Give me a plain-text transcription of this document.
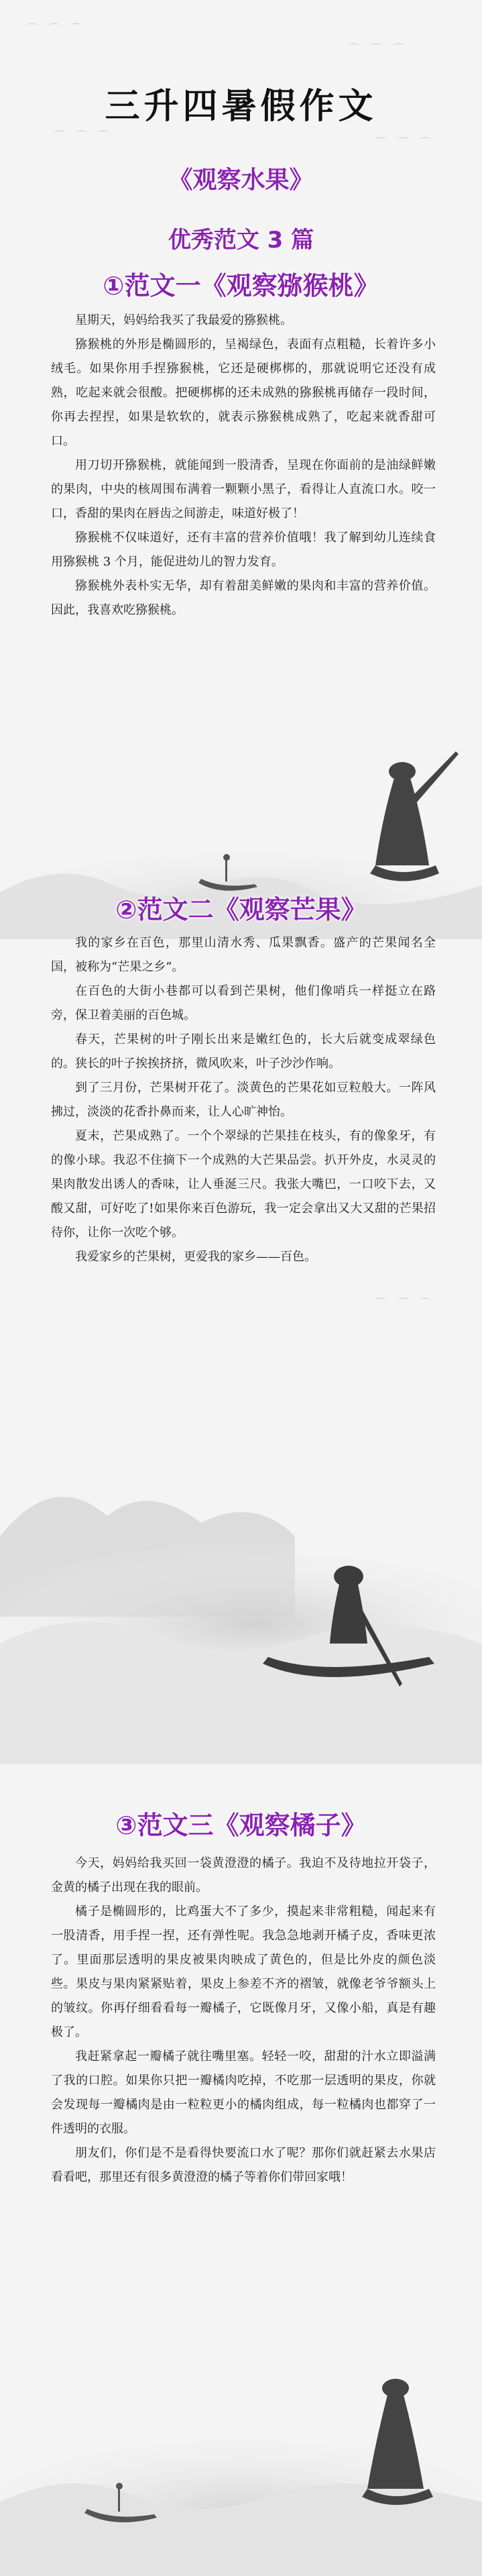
⌒ ⌒ ⌒
⌒ ⌒ ⌒
⌒ ⌒ ⌒
⌒ ⌒ ⌒
⌒ ⌒ ⌒
三升四暑假作文
《观察水果》
优秀范文 3 篇
①范文一《观察猕猴桃》

星期天，妈妈给我买了我最爱的猕猴桃。

猕猴桃的外形是椭圆形的，呈褐绿色，表面有点粗糙，长着许多小绒毛。如果你用手捏猕猴桃，它还是硬梆梆的，那就说明它还没有成熟，吃起来就会很酸。把硬梆梆的还未成熟的猕猴桃再储存一段时间，你再去捏捏，如果是软软的，就表示猕猴桃成熟了，吃起来就香甜可口。

用刀切开猕猴桃，就能闻到一股清香，呈现在你面前的是油绿鲜嫩的果肉，中央的核周围布满着一颗颗小黑子，看得让人直流口水。咬一口，香甜的果肉在唇齿之间游走，味道好极了！

猕猴桃不仅味道好，还有丰富的营养价值哦！我了解到幼儿连续食用猕猴桃 3 个月，能促进幼儿的智力发育。

猕猴桃外表朴实无华，却有着甜美鲜嫩的果肉和丰富的营养价值。因此，我喜欢吃猕猴桃。

②范文二《观察芒果》

我的家乡在百色，那里山清水秀、瓜果飘香。盛产的芒果闻名全国，被称为“芒果之乡”。

在百色的大街小巷都可以看到芒果树，他们像哨兵一样挺立在路旁，保卫着美丽的百色城。

春天，芒果树的叶子刚长出来是嫩红色的，长大后就变成翠绿色的。狭长的叶子挨挨挤挤，微风吹来，叶子沙沙作响。

到了三月份，芒果树开花了。淡黄色的芒果花如豆粒般大。一阵风拂过，淡淡的花香扑鼻而来，让人心旷神怡。

夏末，芒果成熟了。一个个翠绿的芒果挂在枝头，有的像象牙，有的像小球。我忍不住摘下一个成熟的大芒果品尝。扒开外皮，水灵灵的果肉散发出诱人的香味，让人垂涎三尺。我张大嘴巴，一口咬下去，又酸又甜，可好吃了!如果你来百色游玩，我一定会拿出又大又甜的芒果招待你，让你一次吃个够。

我爱家乡的芒果树，更爱我的家乡——百色。

③范文三《观察橘子》

今天，妈妈给我买回一袋黄澄澄的橘子。我迫不及待地拉开袋子，金黄的橘子出现在我的眼前。

橘子是椭圆形的，比鸡蛋大不了多少，摸起来非常粗糙，闻起来有一股清香，用手捏一捏，还有弹性呢。我急急地剥开橘子皮，香味更浓了。里面那层透明的果皮被果肉映成了黄色的，但是比外皮的颜色淡些。果皮与果肉紧紧贴着，果皮上参差不齐的褶皱，就像老爷爷额头上的皱纹。你再仔细看看每一瓣橘子，它既像月牙，又像小船，真是有趣极了。

我赶紧拿起一瓣橘子就往嘴里塞。轻轻一咬，甜甜的汁水立即溢满了我的口腔。如果你只把一瓣橘肉吃掉，不吃那一层透明的果皮，你就会发现每一瓣橘肉是由一粒粒更小的橘肉组成，每一粒橘肉也都穿了一件透明的衣服。

朋友们，你们是不是看得快要流口水了呢？那你们就赶紧去水果店看看吧，那里还有很多黄澄澄的橘子等着你们带回家哦！
